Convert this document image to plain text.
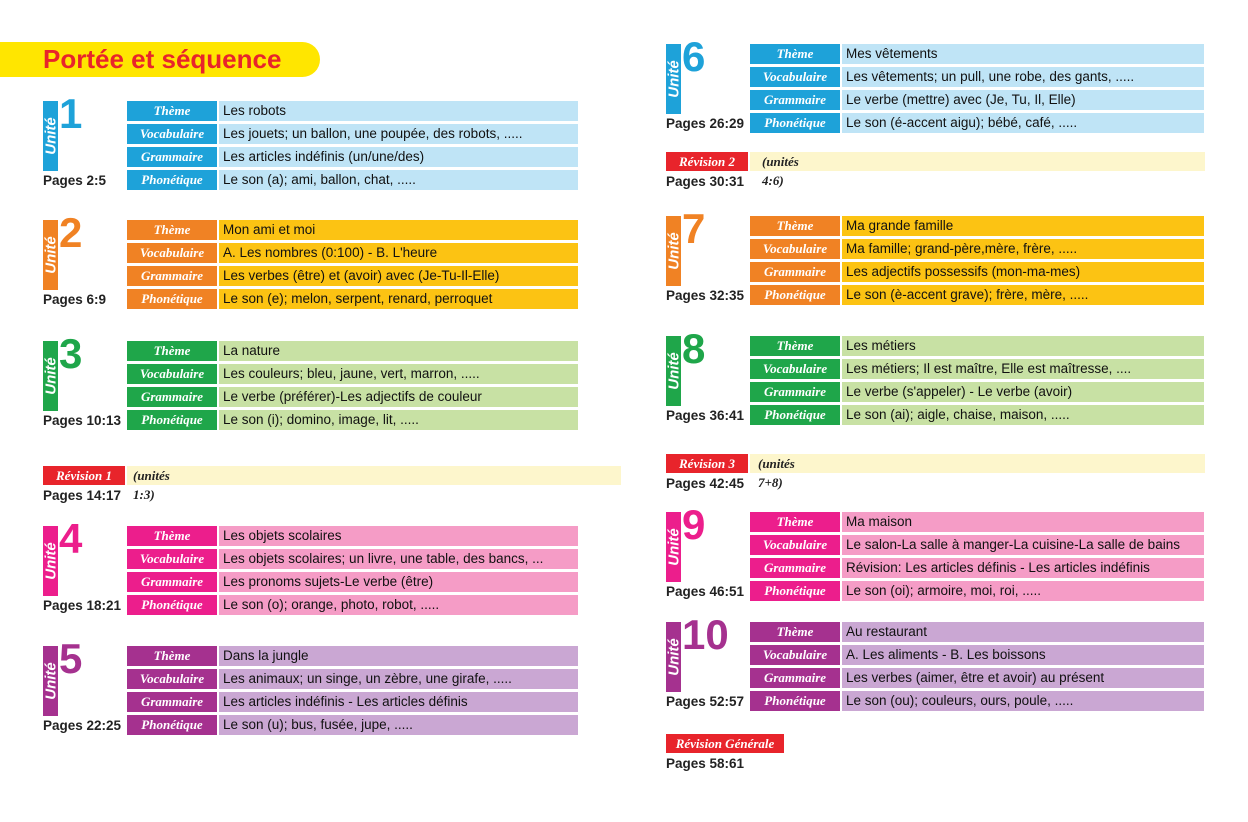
Portée et séquence
Unité 1
Pages 2:5
Thème	Les robots
Vocabulaire	Les jouets; un ballon, une poupée, des robots, .....
Grammaire	Les articles indéfinis (un/une/des)
Phonétique	Le son (a); ami, ballon, chat, .....
Unité 2
Pages 6:9
Thème	Mon ami et moi
Vocabulaire	A. Les nombres (0:100) - B. L'heure
Grammaire	Les verbes (être) et (avoir) avec (Je-Tu-Il-Elle)
Phonétique	Le son (e); melon, serpent, renard, perroquet
Unité 3
Pages 10:13
Thème	La nature
Vocabulaire	Les couleurs; bleu, jaune, vert, marron, .....
Grammaire	Le verbe (préférer)-Les adjectifs de couleur
Phonétique	Le son (i); domino, image, lit, .....
Unité 4
Pages 18:21
Thème	Les objets scolaires
Vocabulaire	Les objets scolaires; un livre, une table, des bancs, ...
Grammaire	Les pronoms sujets-Le verbe (être)
Phonétique	Le son (o); orange, photo, robot, .....
Unité 5
Pages 22:25
Thème	Dans la jungle
Vocabulaire	Les animaux; un singe, un zèbre, une girafe, .....
Grammaire	Les articles indéfinis - Les articles définis
Phonétique	Le son (u); bus, fusée, jupe, .....
Unité 6
Pages 26:29
Thème	Mes vêtements
Vocabulaire	Les vêtements; un pull, une robe, des gants, .....
Grammaire	Le verbe (mettre) avec (Je, Tu, Il, Elle)
Phonétique	Le son (é-accent aigu); bébé, café, .....
Unité 7
Pages 32:35
Thème	Ma grande famille
Vocabulaire	Ma famille; grand-père,mère, frère, .....
Grammaire	Les adjectifs possessifs (mon-ma-mes)
Phonétique	Le son (è-accent grave); frère, mère, .....
Unité 8
Pages 36:41
Thème	Les métiers
Vocabulaire	Les métiers; Il est maître, Elle est maîtresse, ....
Grammaire	Le verbe (s'appeler) - Le verbe (avoir)
Phonétique	Le son (ai); aigle, chaise, maison, .....
Unité 9
Pages 46:51
Thème	Ma maison
Vocabulaire	Le salon-La salle à manger-La cuisine-La salle de bains
Grammaire	Révision: Les articles définis - Les articles indéfinis
Phonétique	Le son (oi); armoire, moi, roi, .....
Unité 10
Pages 52:57
Thème	Au restaurant
Vocabulaire	A. Les aliments - B. Les boissons
Grammaire	Les verbes (aimer, être et avoir) au présent
Phonétique	Le son (ou); couleurs, ours, poule, .....
Révision 1	(unités 1:3)
Pages 14:17
Révision 2	(unités 4:6)
Pages 30:31
Révision 3	(unités 7+8)
Pages 42:45
Révision Générale
Pages 58:61
